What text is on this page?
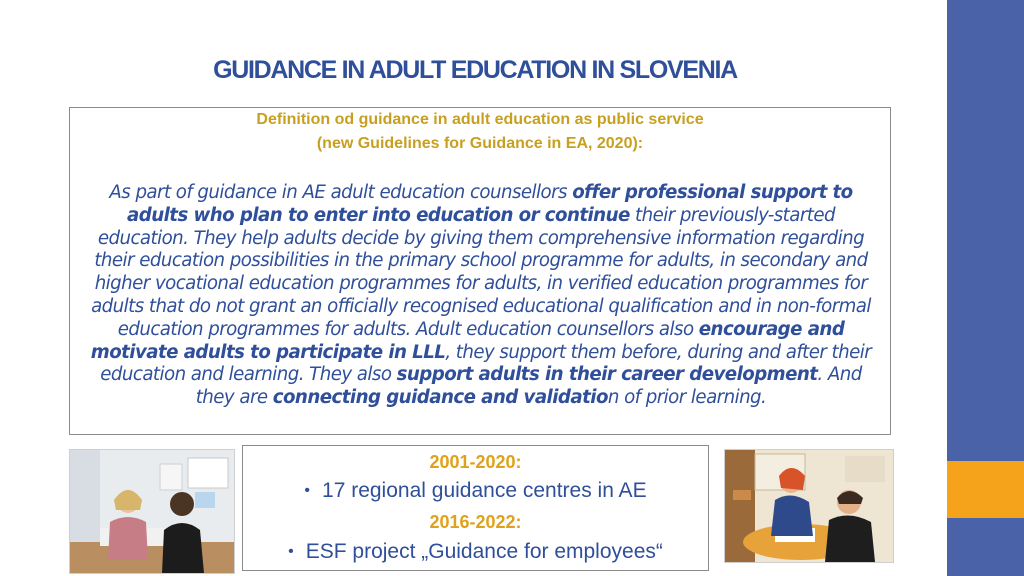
GUIDANCE IN ADULT EDUCATION IN SLOVENIA
Definition od guidance in adult education as public service
(new Guidelines for Guidance in EA, 2020):
As part of guidance in AE adult education counsellors offer professional support to adults who plan to enter into education or continue their previously-started education. They help adults decide by giving them comprehensive information regarding their education possibilities in the primary school programme for adults, in secondary and higher vocational education programmes for adults, in verified education programmes for adults that do not grant an officially recognised educational qualification and in non-formal education programmes for adults. Adult education counsellors also encourage and motivate adults to participate in LLL, they support them before, during and after their education and learning. They also support adults in their career development. And they are connecting guidance and validation of prior learning.
2001-2020:
• 17 regional guidance centres in AE
2016-2022:
• ESF project „Guidance for employees“
